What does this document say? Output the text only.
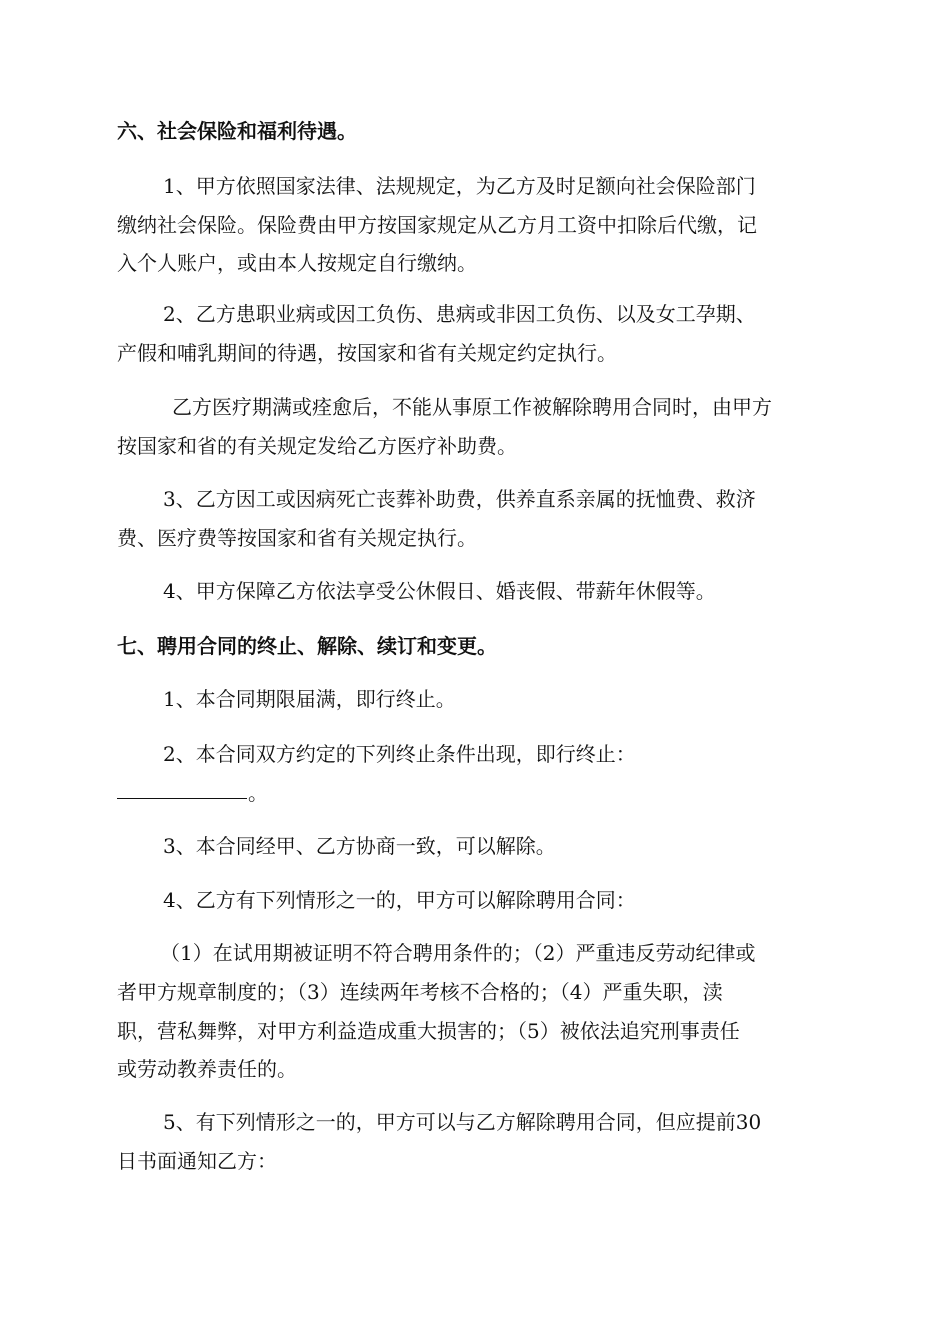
六、社会保险和福利待遇。
1、甲方依照国家法律、法规规定，为乙方及时足额向社会保险部门
缴纳社会保险。保险费由甲方按国家规定从乙方月工资中扣除后代缴，记
入个人账户，或由本人按规定自行缴纳。
2、乙方患职业病或因工负伤、患病或非因工负伤、以及女工孕期、
产假和哺乳期间的待遇，按国家和省有关规定约定执行。
乙方医疗期满或痊愈后，不能从事原工作被解除聘用合同时，由甲方
按国家和省的有关规定发给乙方医疗补助费。
3、乙方因工或因病死亡丧葬补助费，供养直系亲属的抚恤费、救济
费、医疗费等按国家和省有关规定执行。
4、甲方保障乙方依法享受公休假日、婚丧假、带薪年休假等。
七、聘用合同的终止、解除、续订和变更。
1、本合同期限届满，即行终止。
2、本合同双方约定的下列终止条件出现，即行终止：
。
3、本合同经甲、乙方协商一致，可以解除。
4、乙方有下列情形之一的，甲方可以解除聘用合同：
（1）在试用期被证明不符合聘用条件的；（2）严重违反劳动纪律或
者甲方规章制度的；（3）连续两年考核不合格的；（4）严重失职，渎
职，营私舞弊，对甲方利益造成重大损害的；（5）被依法追究刑事责任
或劳动教养责任的。
5、有下列情形之一的，甲方可以与乙方解除聘用合同，但应提前30
日书面通知乙方：
